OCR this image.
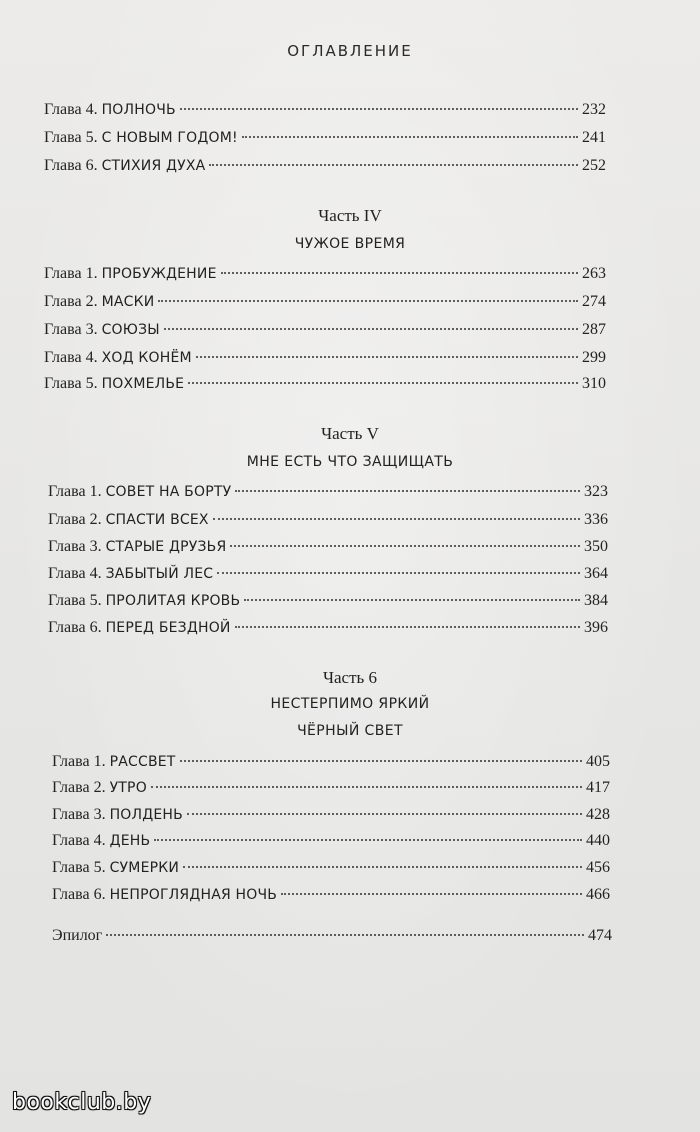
ОГЛАВЛЕНИЕ
Глава 4. ПОЛНОЧЬ	232
Глава 5. С НОВЫМ ГОДОМ!	241
Глава 6. СТИХИЯ ДУХА	252
Часть IV
ЧУЖОЕ ВРЕМЯ
Глава 1. ПРОБУЖДЕНИЕ	263
Глава 2. МАСКИ	274
Глава 3. СОЮЗЫ	287
Глава 4. ХОД КОНЁМ	299
Глава 5. ПОХМЕЛЬЕ	310
Часть V
МНЕ ЕСТЬ ЧТО ЗАЩИЩАТЬ
Глава 1. СОВЕТ НА БОРТУ	323
Глава 2. СПАСТИ ВСЕХ	336
Глава 3. СТАРЫЕ ДРУЗЬЯ	350
Глава 4. ЗАБЫТЫЙ ЛЕС	364
Глава 5. ПРОЛИТАЯ КРОВЬ	384
Глава 6. ПЕРЕД БЕЗДНОЙ	396
Часть 6
НЕСТЕРПИМО ЯРКИЙ
ЧЁРНЫЙ СВЕТ
Глава 1. РАССВЕТ	405
Глава 2. УТРО	417
Глава 3. ПОЛДЕНЬ	428
Глава 4. ДЕНЬ	440
Глава 5. СУМЕРКИ	456
Глава 6. НЕПРОГЛЯДНАЯ НОЧЬ	466
Эпилог	474
bookclub.by
